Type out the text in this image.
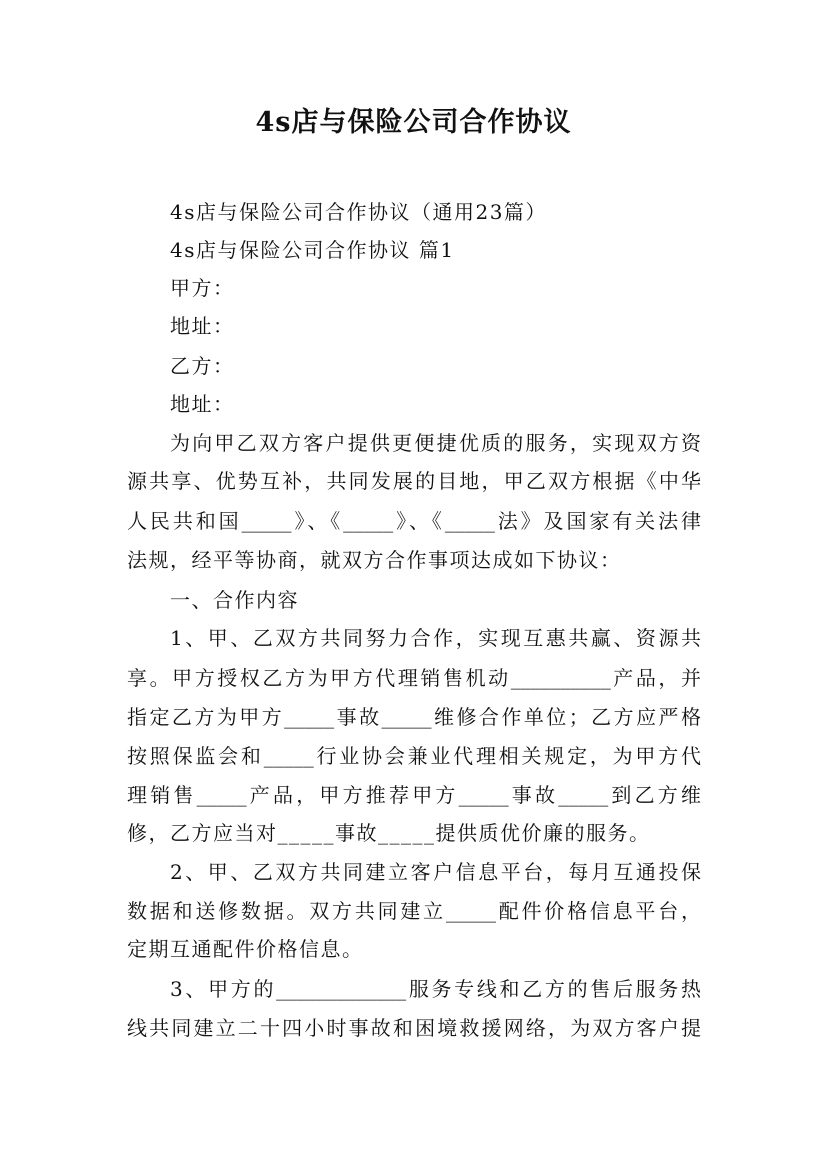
4s店与保险公司合作协议
4s店与保险公司合作协议（通用23篇）
4s店与保险公司合作协议 篇1
甲方：
地址：
乙方：
地址：
为向甲乙双方客户提供更便捷优质的服务，实现双方资
源共享、优势互补，共同发展的目地，甲乙双方根据《中华
人民共和国_____》、《_____》、《_____法》及国家有关法律
法规，经平等协商，就双方合作事项达成如下协议：
一、合作内容
1、甲、乙双方共同努力合作，实现互惠共赢、资源共
享。甲方授权乙方为甲方代理销售机动__________产品，并
指定乙方为甲方_____事故_____维修合作单位；乙方应严格
按照保监会和_____行业协会兼业代理相关规定，为甲方代
理销售_____产品，甲方推荐甲方_____事故_____到乙方维
修，乙方应当对_____事故_____提供质优价廉的服务。
2、甲、乙双方共同建立客户信息平台，每月互通投保
数据和送修数据。双方共同建立_____配件价格信息平台，
定期互通配件价格信息。
3、甲方的_____________服务专线和乙方的售后服务热
线共同建立二十四小时事故和困境救援网络，为双方客户提
